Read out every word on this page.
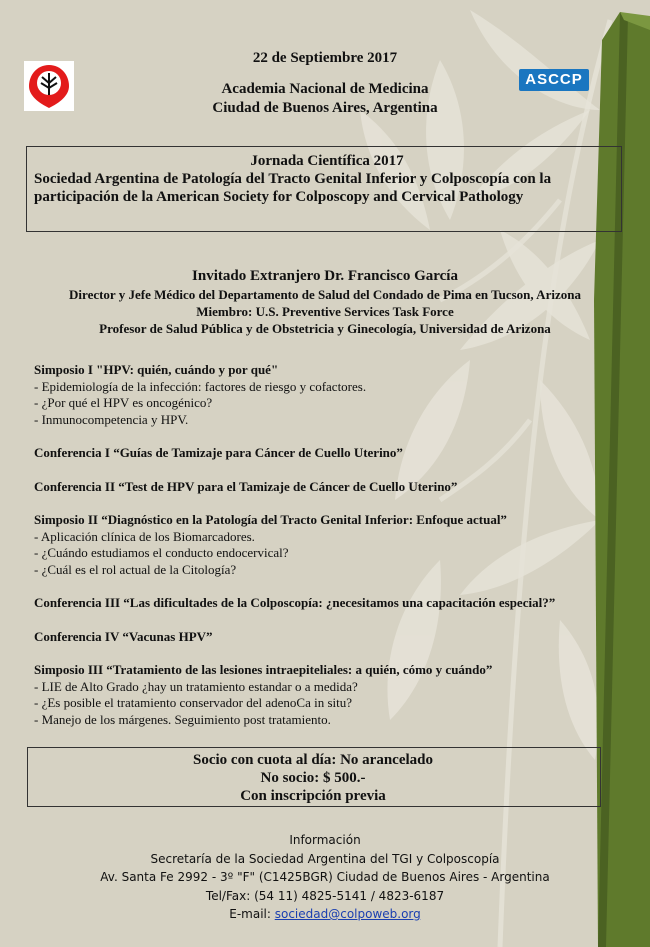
ASCCP
22 de Septiembre 2017
Academia Nacional de Medicina
Ciudad de Buenos Aires, Argentina
Jornada Científica 2017
Sociedad Argentina de Patología del Tracto Genital Inferior y Colposcopía con la
participación de la American Society for Colposcopy and Cervical Pathology
Invitado Extranjero Dr. Francisco García
Director y Jefe Médico del Departamento de Salud del Condado de Pima en Tucson, Arizona
Miembro: U.S. Preventive Services Task Force
Profesor de Salud Pública y de Obstetricia y Ginecología, Universidad de Arizona
Simposio I "HPV: quién, cuándo y por qué"
- Epidemiología de la infección: factores de riesgo y cofactores.
- ¿Por qué el HPV es oncogénico?
- Inmunocompetencia y HPV.
Conferencia I “Guías de Tamizaje para Cáncer de Cuello Uterino”
Conferencia II “Test de HPV para el Tamizaje de Cáncer de Cuello Uterino”
Simposio II “Diagnóstico en la Patología del Tracto Genital Inferior: Enfoque actual”
- Aplicación clínica de los Biomarcadores.
- ¿Cuándo estudiamos el conducto endocervical?
- ¿Cuál es el rol actual de la Citología?
Conferencia III “Las dificultades de la Colposcopía: ¿necesitamos una capacitación especial?”
Conferencia IV “Vacunas HPV”
Simposio III “Tratamiento de las lesiones intraepiteliales: a quién, cómo y cuándo”
- LIE de Alto Grado ¿hay un tratamiento estandar o a medida?
- ¿Es posible el tratamiento conservador del adenoCa in situ?
- Manejo de los márgenes. Seguimiento post tratamiento.
Socio con cuota al día: No arancelado
No socio: $ 500.-
Con inscripción previa
Información
Secretaría de la Sociedad Argentina del TGI y Colposcopía
Av. Santa Fe 2992 - 3º "F" (C1425BGR) Ciudad de Buenos Aires - Argentina
Tel/Fax: (54 11) 4825-5141 / 4823-6187
E-mail: sociedad@colpoweb.org
